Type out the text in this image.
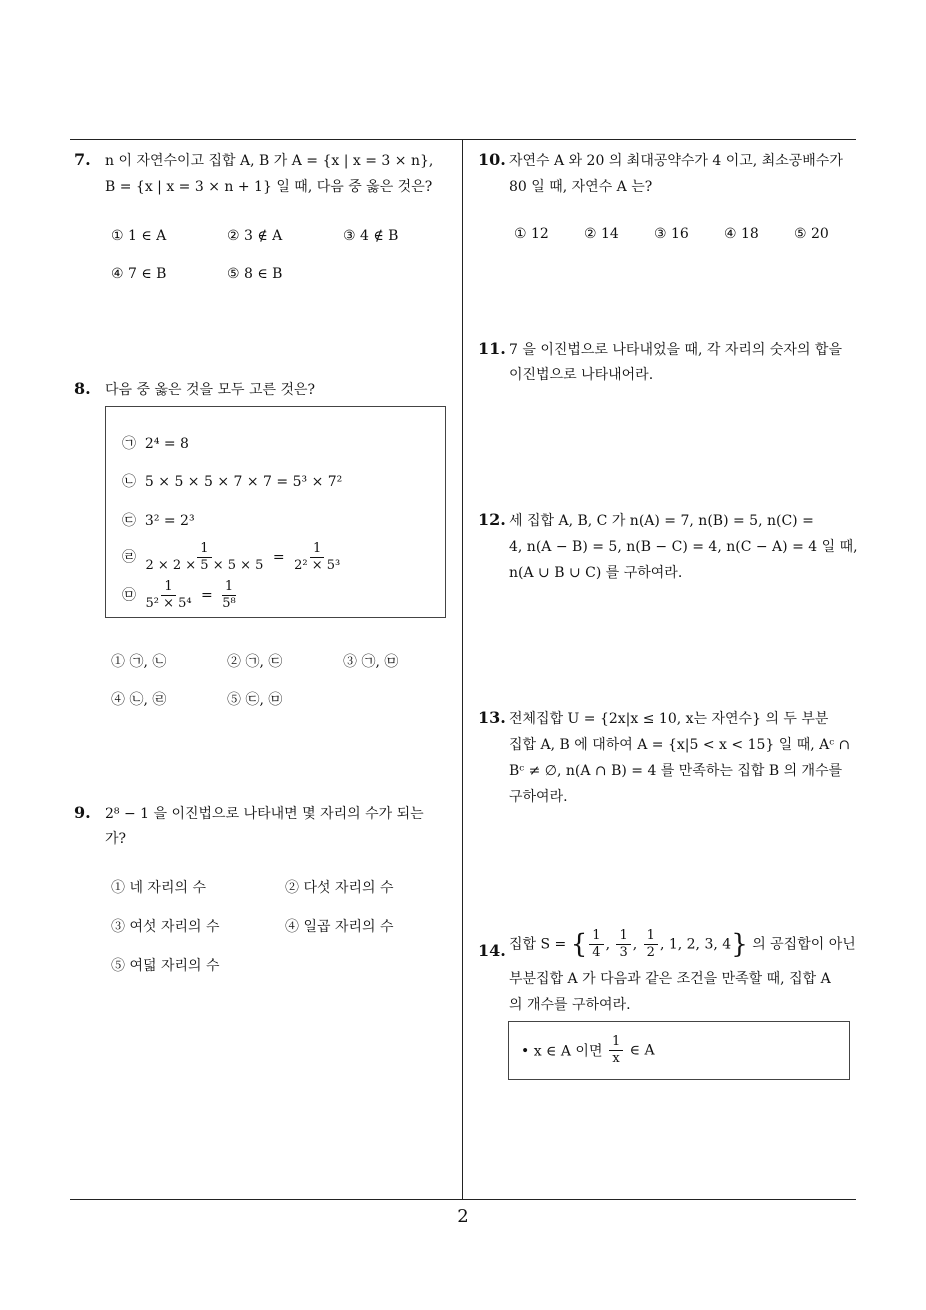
7. n 이 자연수이고 집합 A, B 가 A = {x | x = 3 × n},
B = {x | x = 3 × n + 1} 일 때, 다음 중 옳은 것은?
① 1 ∈ A	② 3 ∉ A	③ 4 ∉ B
④ 7 ∈ B	⑤ 8 ∈ B
8. 다음 중 옳은 것을 모두 고른 것은?
㉠ 2⁴ = 8
㉡ 5 × 5 × 5 × 7 × 7 = 5³ × 7²
㉢ 3² = 2³
㉣ $\frac{1}{2 \times 2 \times 5 \times 5 \times 5} = \frac{1}{\text{2² × 5³}}$
㉤ $\frac{1}{\text{5² × 5⁴}} = \frac{1}{\text{5⁸}}$
① ㉠, ㉡	② ㉠, ㉢	③ ㉠, ㉤
④ ㉡, ㉣	⑤ ㉢, ㉤
9. 2⁸ − 1 을 이진법으로 나타내면 몇 자리의 수가 되는
가?
① 네 자리의 수	② 다섯 자리의 수
③ 여섯 자리의 수	④ 일곱 자리의 수
⑤ 여덟 자리의 수
10. 자연수 A 와 20 의 최대공약수가 4 이고, 최소공배수가
80 일 때, 자연수 A 는?
① 12	② 14	③ 16	④ 18	⑤ 20
11. 7 을 이진법으로 나타내었을 때, 각 자리의 숫자의 합을
이진법으로 나타내어라.
12. 세 집합 A, B, C 가 n(A) = 7, n(B) = 5, n(C) =
4, n(A − B) = 5, n(B − C) = 4, n(C − A) = 4 일 때,
n(A ∪ B ∪ C) 를 구하여라.
13. 전체집합 U = {2x|x ≤ 10, x는 자연수} 의 두 부분
집합 A, B 에 대하여 A = {x|5 < x < 15} 일 때, Aᶜ ∩
Bᶜ ≠ ∅, n(A ∩ B) = 4 를 만족하는 집합 B 의 개수를
구하여라.
14. 집합 S = { $\frac{1}{4}$ , $\frac{1}{3}$ , $\frac{1}{2}$ , 1, 2, 3, 4} 의 공집합이 아닌
부분집합 A 가 다음과 같은 조건을 만족할 때, 집합 A
의 개수를 구하여라.
• x ∈ A 이면 $\frac{1}{x}$ ∈ A
2
